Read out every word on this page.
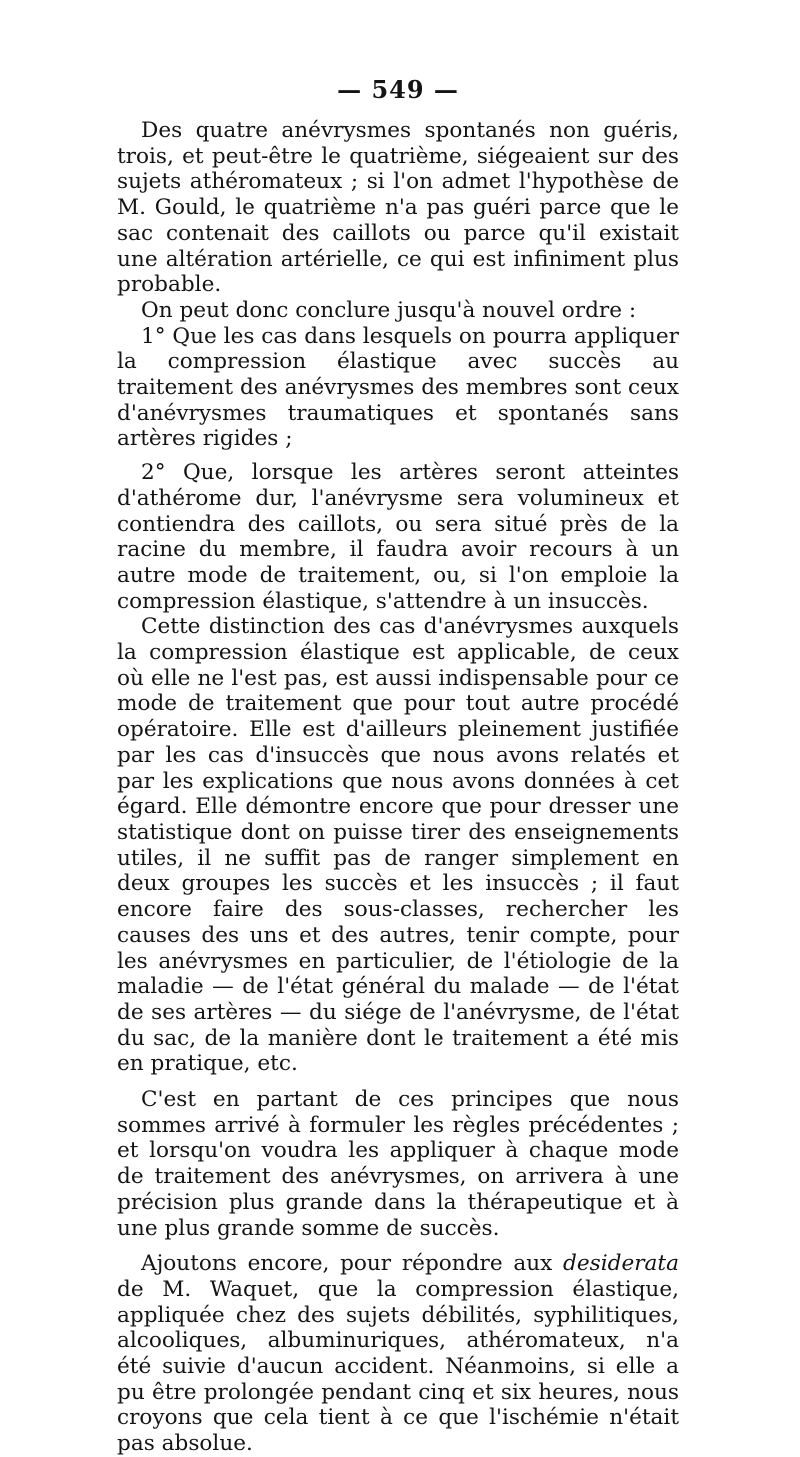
— 549 —

Des quatre anévrysmes spontanés non guéris, trois, et peut-être le quatrième, siégeaient sur des sujets athéromateux ; si l'on admet l'hypothèse de M. Gould, le quatrième n'a pas guéri parce que le sac contenait des caillots ou parce qu'il existait une altération artérielle, ce qui est infiniment plus probable.

On peut donc conclure jusqu'à nouvel ordre :

1° Que les cas dans lesquels on pourra appliquer la compression élastique avec succès au traitement des anévrysmes des membres sont ceux d'anévrysmes traumatiques et spontanés sans artères rigides ;

2° Que, lorsque les artères seront atteintes d'athérome dur, l'anévrysme sera volumineux et contiendra des caillots, ou sera situé près de la racine du membre, il faudra avoir recours à un autre mode de traitement, ou, si l'on emploie la compression élastique, s'attendre à un insuccès.

Cette distinction des cas d'anévrysmes auxquels la compression élastique est applicable, de ceux où elle ne l'est pas, est aussi indispensable pour ce mode de traitement que pour tout autre procédé opératoire. Elle est d'ailleurs pleinement justifiée par les cas d'insuccès que nous avons relatés et par les explications que nous avons données à cet égard. Elle démontre encore que pour dresser une statistique dont on puisse tirer des enseignements utiles, il ne suffit pas de ranger simplement en deux groupes les succès et les insuccès ; il faut encore faire des sous-classes, rechercher les causes des uns et des autres, tenir compte, pour les anévrysmes en particulier, de l'étiologie de la maladie — de l'état général du malade — de l'état de ses artères — du siége de l'anévrysme, de l'état du sac, de la manière dont le traitement a été mis en pratique, etc.

C'est en partant de ces principes que nous sommes arrivé à formuler les règles précédentes ; et lorsqu'on voudra les appliquer à chaque mode de traitement des anévrysmes, on arrivera à une précision plus grande dans la thérapeutique et à une plus grande somme de succès.

Ajoutons encore, pour répondre aux desiderata de M. Waquet, que la compression élastique, appliquée chez des sujets débilités, syphilitiques, alcooliques, albuminuriques, athéromateux, n'a été suivie d'aucun accident. Néanmoins, si elle a pu être prolongée pendant cinq et six heures, nous croyons que cela tient à ce que l'ischémie n'était pas absolue.
